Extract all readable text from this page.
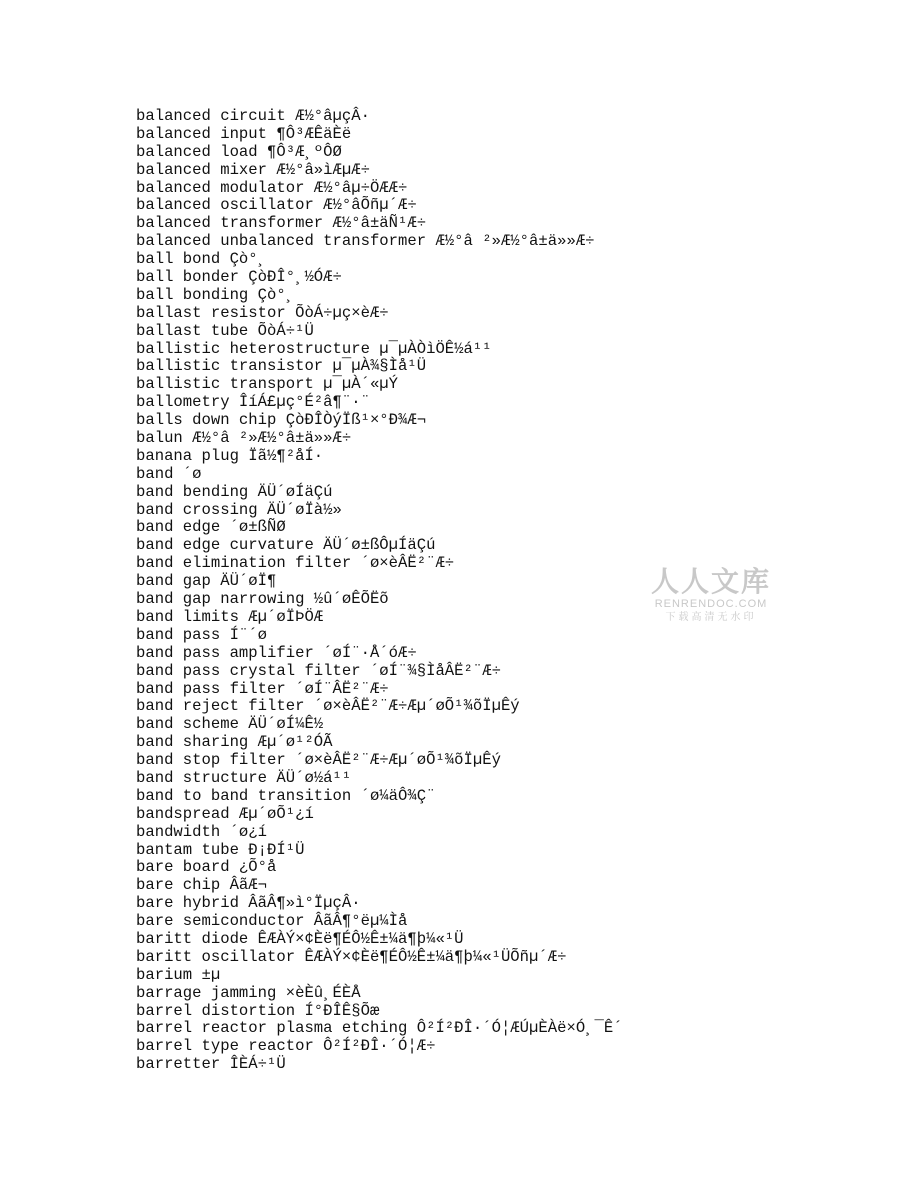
balanced circuit Æ½°âµçÂ·
balanced input ¶Ô³ÆÊäÈë
balanced load ¶Ô³Æ¸ºÔØ
balanced mixer Æ½°â»ìÆµÆ÷
balanced modulator Æ½°âµ÷ÖÆÆ÷
balanced oscillator Æ½°âÕñµ´Æ÷
balanced transformer Æ½°â±äÑ¹Æ÷
balanced unbalanced transformer Æ½°â ²»Æ½°â±ä»»Æ÷
ball bond Çò°¸
ball bonder ÇòÐÎ°¸½ÓÆ÷
ball bonding Çò°¸
ballast resistor ÕòÁ÷µç×èÆ÷
ballast tube ÕòÁ÷¹Ü
ballistic heterostructure µ¯µÀÒìÖÊ½á¹¹
ballistic transistor µ¯µÀ¾§Ìå¹Ü
ballistic transport µ¯µÀ´«µÝ
ballometry ÎíÁ£µç°É²â¶¨·¨
balls down chip ÇòÐÎÒýÏß¹×°Ð¾Æ¬
balun Æ½°â ²»Æ½°â±ä»»Æ÷
banana plug Ïã½¶²åÍ·
band ´ø
band bending ÄÜ´øÍäÇú
band crossing ÄÜ´øÏà½»
band edge ´ø±ßÑØ
band edge curvature ÄÜ´ø±ßÔµÍäÇú
band elimination filter ´ø×èÂË²¨Æ÷
band gap ÄÜ´øÏ¶
band gap narrowing ½û´øÊÕËõ
band limits Æµ´øÏÞÖÆ
band pass Í¨´ø
band pass amplifier ´øÍ¨·Å´óÆ÷
band pass crystal filter ´øÍ¨¾§ÌåÂË²¨Æ÷
band pass filter ´øÍ¨ÂË²¨Æ÷
band reject filter ´ø×èÂË²¨Æ÷Æµ´øÕ¹¾õÏµÊý
band scheme ÄÜ´øÍ¼Ê½
band sharing Æµ´ø¹²ÓÃ
band stop filter ´ø×èÂË²¨Æ÷Æµ´øÕ¹¾õÏµÊý
band structure ÄÜ´ø½á¹¹
band to band transition ´ø¼äÔ¾Ç¨
bandspread Æµ´øÕ¹¿í
bandwidth ´ø¿í
bantam tube Ð¡ÐÍ¹Ü
bare board ¿Õ°å
bare chip ÂãÆ¬
bare hybrid ÂãÂ¶»ì°ÏµçÂ·
bare semiconductor ÂãÂ¶°ëµ¼Ìå
baritt diode ÊÆÀÝ×¢Èë¶ÉÔ½Ê±¼ä¶þ¼«¹Ü
baritt oscillator ÊÆÀÝ×¢Èë¶ÉÔ½Ê±¼ä¶þ¼«¹ÜÕñµ´Æ÷
barium ±µ
barrage jamming ×èÈû¸ÉÈÅ
barrel distortion Í°ÐÎÊ§Õæ
barrel reactor plasma etching Ô²Í²ÐÎ·´Ó¦ÆÚµÈÀë×Ó¸¯Ê´
barrel type reactor Ô²Í²ÐÎ·´Ó¦Æ÷
barretter ÎÈÁ÷¹Ü
人人文库
RENRENDOC.COM
下载高清无水印
